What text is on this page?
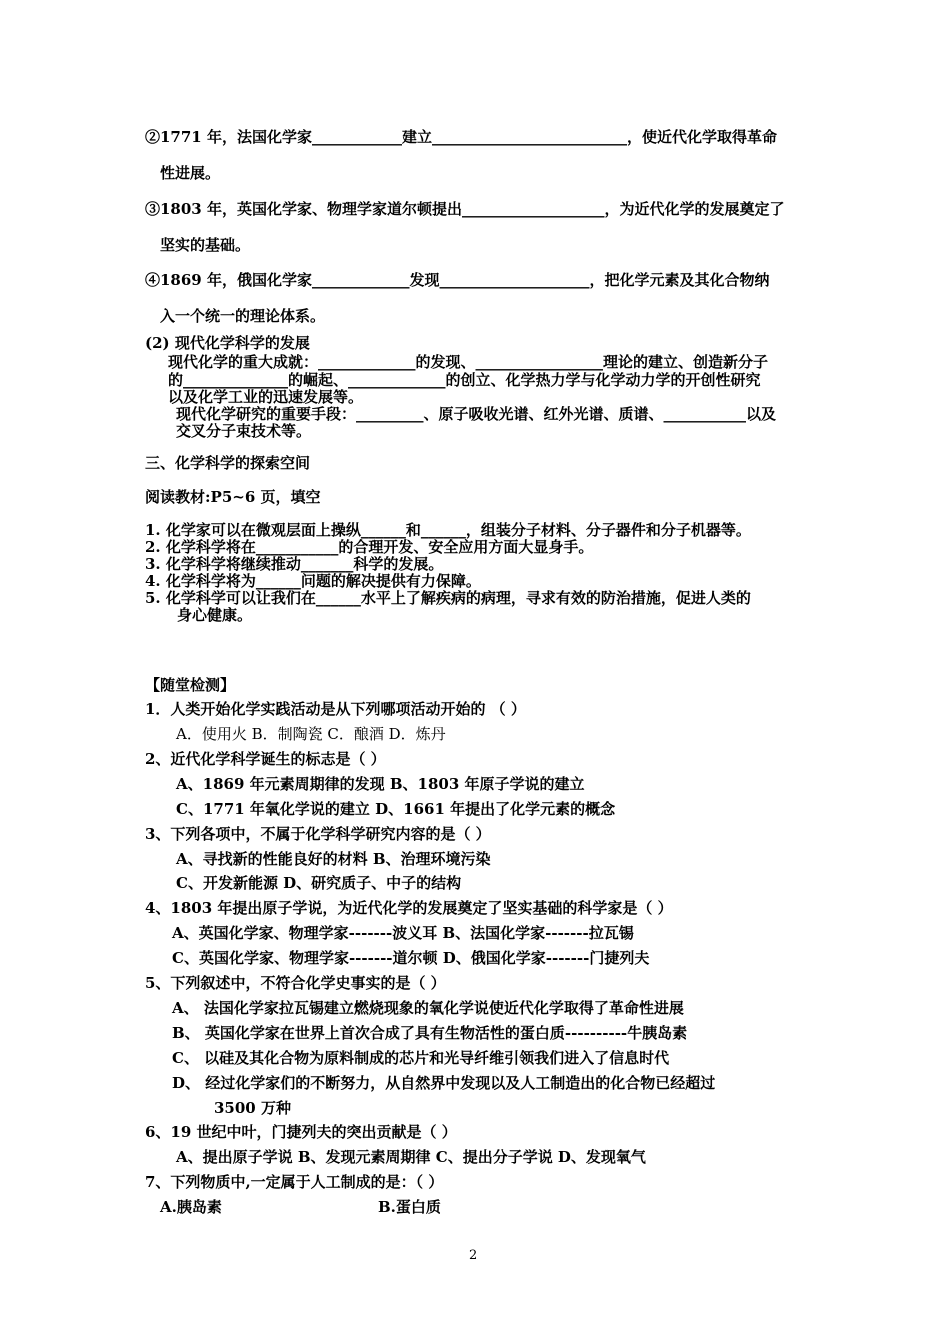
②1771 年，法国化学家____________建立__________________________，使近代化学取得革命
性进展。
③1803 年，英国化学家、物理学家道尔顿提出___________________，为近代化学的发展奠定了
坚实的基础。
④1869 年，俄国化学家_____________发现____________________，把化学元素及其化合物纳
入一个统一的理论体系。
(2) 现代化学科学的发展
现代化学的重大成就：_____________的发现、_________________理论的建立、创造新分子
的______________的崛起、_____________的创立、化学热力学与化学动力学的开创性研究
以及化学工业的迅速发展等。
现代化学研究的重要手段：_________、原子吸收光谱、红外光谱、质谱、___________以及
交叉分子束技术等。
三、化学科学的探索空间
阅读教材:P5~6 页，填空
1. 化学家可以在微观层面上操纵______和______，组装分子材料、分子器件和分子机器等。
2. 化学科学将在___________的合理开发、安全应用方面大显身手。
3. 化学科学将继续推动_______科学的发展。
4. 化学科学将为______问题的解决提供有力保障。
5. 化学科学可以让我们在______水平上了解疾病的病理，寻求有效的防治措施，促进人类的
身心健康。
【随堂检测】
1．人类开始化学实践活动是从下列哪项活动开始的 （ ）
A．使用火 B．制陶瓷 C．酿酒 D．炼丹
2、近代化学科学诞生的标志是（ ）
A、1869 年元素周期律的发现 B、1803 年原子学说的建立
C、1771 年氧化学说的建立 D、1661 年提出了化学元素的概念
3、下列各项中，不属于化学科学研究内容的是（ ）
A、寻找新的性能良好的材料 B、治理环境污染
C、开发新能源 D、研究质子、中子的结构
4、1803 年提出原子学说，为近代化学的发展奠定了坚实基础的科学家是（ ）
A、英国化学家、物理学家-------波义耳 B、法国化学家-------拉瓦锡
C、英国化学家、物理学家-------道尔顿 D、俄国化学家-------门捷列夫
5、下列叙述中，不符合化学史事实的是（ ）
A、 法国化学家拉瓦锡建立燃烧现象的氧化学说使近代化学取得了革命性进展
B、 英国化学家在世界上首次合成了具有生物活性的蛋白质----------牛胰岛素
C、 以硅及其化合物为原料制成的芯片和光导纤维引领我们进入了信息时代
D、 经过化学家们的不断努力，从自然界中发现以及人工制造出的化合物已经超过
3500 万种
6、19 世纪中叶，门捷列夫的突出贡献是（ ）
A、提出原子学说 B、发现元素周期律 C、提出分子学说 D、发现氧气
7、下列物质中,一定属于人工制成的是：（ ）
A.胰岛素	B.蛋白质
2
